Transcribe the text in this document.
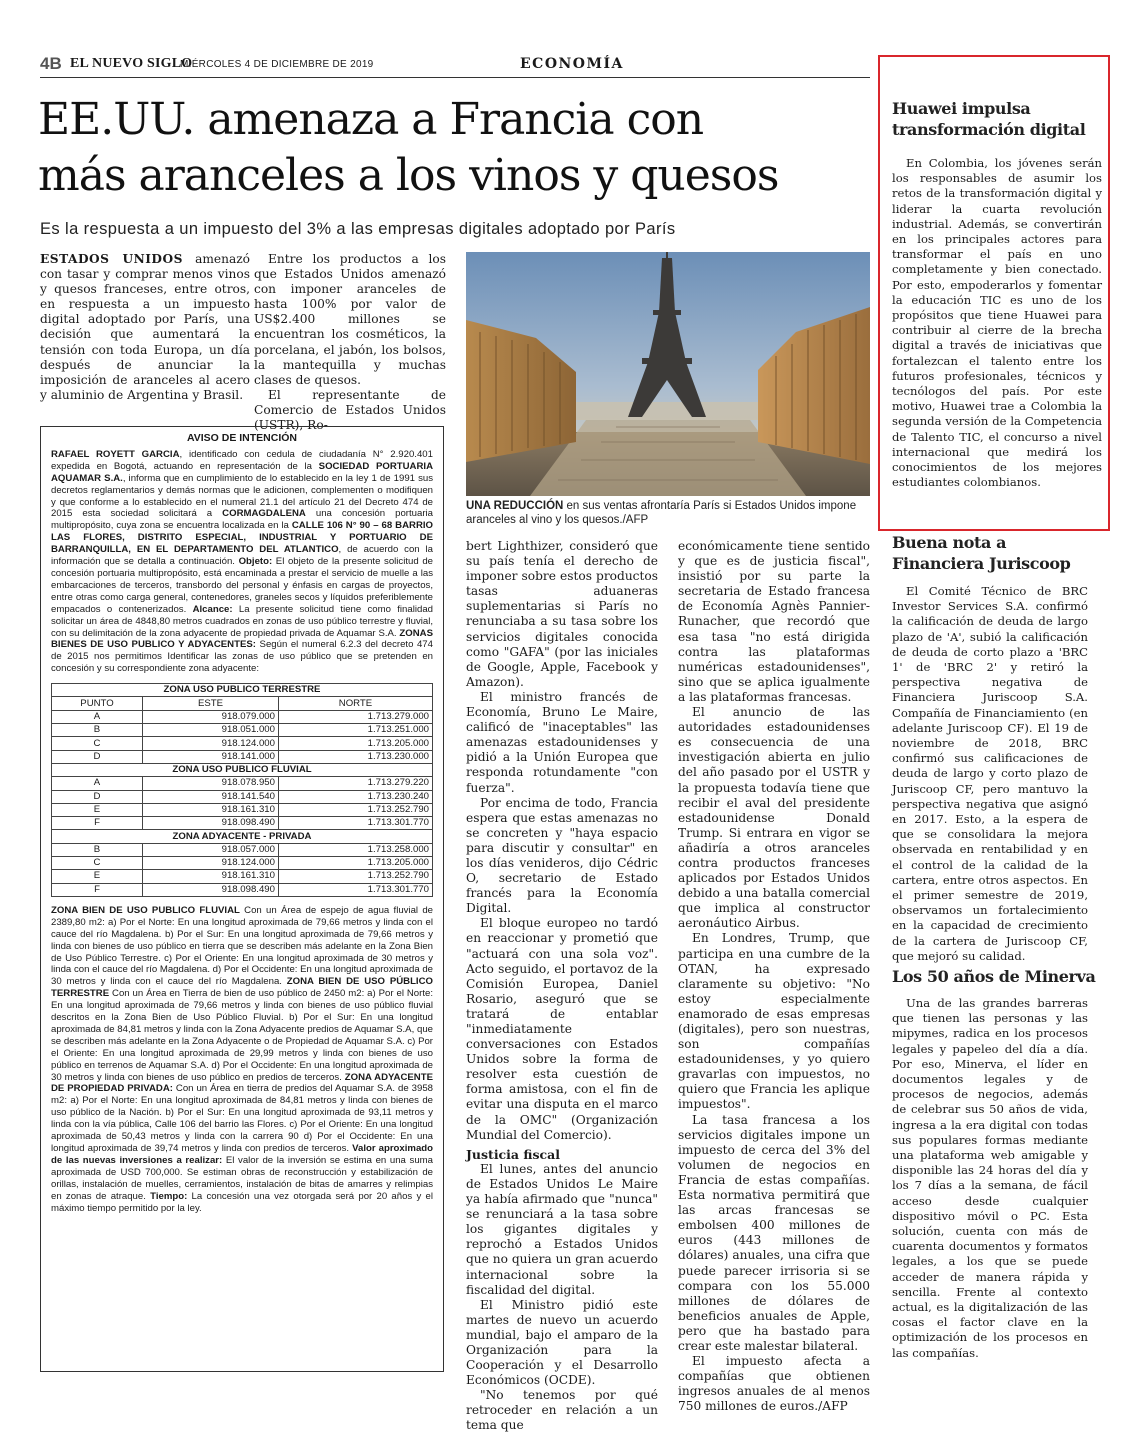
4B EL NUEVO SIGLO
MIÉRCOLES 4 DE DICIEMBRE DE 2019	ECONOMÍA
EE.UU. amenaza a Francia con
más aranceles a los vinos y quesos
Es la respuesta a un impuesto del 3% a las empresas digitales adoptado por París

ESTADOS UNIDOS amenazó con tasar y comprar menos vinos y quesos franceses, entre otros, en respuesta a un impuesto digital adoptado por París, una decisión que aumentará la tensión con toda Europa, un día después de anunciar la imposición de aranceles al acero y aluminio de Argentina y Brasil.

Entre los productos a los que Estados Unidos amenazó con imponer aranceles de hasta 100% por valor de US$2.400 millones se encuentran los cosméticos, la porcelana, el jabón, los bolsos, la mantequilla y muchas clases de quesos.

El representante de Comercio de Estados Unidos (USTR), Ro-

UNA REDUCCIÓN en sus ventas afrontaría París si Estados Unidos impone aranceles al vino y los quesos./AFP

bert Lighthizer, consideró que su país tenía el derecho de imponer sobre estos productos tasas aduaneras suplementarias si París no renunciaba a su tasa sobre los servicios digitales conocida como "GAFA" (por las iniciales de Google, Apple, Facebook y Amazon).

El ministro francés de Economía, Bruno Le Maire, calificó de "inaceptables" las amenazas estadounidenses y pidió a la Unión Europea que responda rotundamente "con fuerza".

Por encima de todo, Francia espera que estas amenazas no se concreten y "haya espacio para discutir y consultar" en los días venideros, dijo Cédric O, secretario de Estado francés para la Economía Digital.

El bloque europeo no tardó en reaccionar y prometió que "actuará con una sola voz". Acto seguido, el portavoz de la Comisión Europea, Daniel Rosario, aseguró que se tratará de entablar "inmediatamente conversaciones con Estados Unidos sobre la forma de resolver esta cuestión de forma amistosa, con el fin de evitar una disputa en el marco de la OMC" (Organización Mundial del Comercio).

Justicia fiscal

El lunes, antes del anuncio de Estados Unidos Le Maire ya había afirmado que "nunca" se renunciará a la tasa sobre los gigantes digitales y reprochó a Estados Unidos que no quiera un gran acuerdo internacional sobre la fiscalidad del digital.

El Ministro pidió este martes de nuevo un acuerdo mundial, bajo el amparo de la Organización para la Cooperación y el Desarrollo Económicos (OCDE).

"No tenemos por qué retroceder en relación a un tema que

económicamente tiene sentido y que es de justicia fiscal", insistió por su parte la secretaria de Estado francesa de Economía Agnès Pannier-Runacher, que recordó que esa tasa "no está dirigida contra las plataformas numéricas estadounidenses", sino que se aplica igualmente a las plataformas francesas.

El anuncio de las autoridades estadounidenses es consecuencia de una investigación abierta en julio del año pasado por el USTR y la propuesta todavía tiene que recibir el aval del presidente estadounidense Donald Trump. Si entrara en vigor se añadiría a otros aranceles contra productos franceses aplicados por Estados Unidos debido a una batalla comercial que implica al constructor aeronáutico Airbus.

En Londres, Trump, que participa en una cumbre de la OTAN, ha expresado claramente su objetivo: "No estoy especialmente enamorado de esas empresas (digitales), pero son nuestras, son compañías estadounidenses, y yo quiero gravarlas con impuestos, no quiero que Francia les aplique impuestos".

La tasa francesa a los servicios digitales impone un impuesto de cerca del 3% del volumen de negocios en Francia de estas compañías. Esta normativa permitirá que las arcas francesas se embolsen 400 millones de euros (443 millones de dólares) anuales, una cifra que puede parecer irrisoria si se compara con los 55.000 millones de dólares de beneficios anuales de Apple, pero que ha bastado para crear este malestar bilateral.

El impuesto afecta a compañías que obtienen ingresos anuales de al menos 750 millones de euros./AFP

AVISO DE INTENCIÓN
RAFAEL ROYETT GARCIA, identificado con cedula de ciudadanía N° 2.920.401 expedida en Bogotá, actuando en representación de la SOCIEDAD PORTUARIA AQUAMAR S.A., informa que en cumplimiento de lo establecido en la ley 1 de 1991 sus decretos reglamentarios y demás normas que le adicionen, complementen o modifiquen y que conforme a lo establecido en el numeral 21.1 del artículo 21 del Decreto 474 de 2015 esta sociedad solicitará a CORMAGDALENA una concesión portuaria multipropósito, cuya zona se encuentra localizada en la CALLE 106 N° 90 – 68 BARRIO LAS FLORES, DISTRITO ESPECIAL, INDUSTRIAL Y PORTUARIO DE BARRANQUILLA, EN EL DEPARTAMENTO DEL ATLANTICO, de acuerdo con la información que se detalla a continuación. Objeto: El objeto de la presente solicitud de concesión portuaria multipropósito, está encaminada a prestar el servicio de muelle a las embarcaciones de terceros, transbordo del personal y énfasis en cargas de proyectos, entre otras como carga general, contenedores, graneles secos y líquidos preferiblemente empacados o contenerizados. Alcance: La presente solicitud tiene como finalidad solicitar un área de 4848,80 metros cuadrados en zonas de uso público terrestre y fluvial, con su delimitación de la zona adyacente de propiedad privada de Aquamar S.A. ZONAS BIENES DE USO PUBLICO Y ADYACENTES: Según el numeral 6.2.3 del decreto 474 de 2015 nos permitimos Identificar las zonas de uso público que se pretenden en concesión y su correspondiente zona adyacente:
ZONA USO PUBLICO TERRESTRE		
PUNTO	ESTE	NORTE
A	918.079.000	1.713.279.000
B	918.051.000	1.713.251.000
C	918.124.000	1.713.205.000
D	918.141.000	1.713.230.000
ZONA USO PUBLICO FLUVIAL		
A	918.078.950	1.713.279.220
D	918.141.540	1.713.230.240
E	918.161.310	1.713.252.790
F	918.098.490	1.713.301.770
ZONA ADYACENTE - PRIVADA		
B	918.057.000	1.713.258.000
C	918.124.000	1.713.205.000
E	918.161.310	1.713.252.790
F	918.098.490	1.713.301.770
ZONA BIEN DE USO PUBLICO FLUVIAL Con un Área de espejo de agua fluvial de 2389,80 m2: a) Por el Norte: En una longitud aproximada de 79,66 metros y linda con el cauce del río Magdalena. b) Por el Sur: En una longitud aproximada de 79,66 metros y linda con bienes de uso público en tierra que se describen más adelante en la Zona Bien de Uso Público Terrestre. c) Por el Oriente: En una longitud aproximada de 30 metros y linda con el cauce del río Magdalena. d) Por el Occidente: En una longitud aproximada de 30 metros y linda con el cauce del río Magdalena. ZONA BIEN DE USO PÚBLICO TERRESTRE Con un Área en Tierra de bien de uso público de 2450 m2: a) Por el Norte: En una longitud aproximada de 79,66 metros y linda con bienes de uso público fluvial descritos en la Zona Bien de Uso Público Fluvial. b) Por el Sur: En una longitud aproximada de 84,81 metros y linda con la Zona Adyacente predios de Aquamar S.A, que se describen más adelante en la Zona Adyacente o de Propiedad de Aquamar S.A. c) Por el Oriente: En una longitud aproximada de 29,99 metros y linda con bienes de uso público en terrenos de Aquamar S.A. d) Por el Occidente: En una longitud aproximada de 30 metros y linda con bienes de uso público en predios de terceros. ZONA ADYACENTE DE PROPIEDAD PRIVADA: Con un Área en tierra de predios del Aquamar S.A. de 3958 m2: a) Por el Norte: En una longitud aproximada de 84,81 metros y linda con bienes de uso público de la Nación. b) Por el Sur: En una longitud aproximada de 93,11 metros y linda con la vía pública, Calle 106 del barrio las Flores. c) Por el Oriente: En una longitud aproximada de 50,43 metros y linda con la carrera 90 d) Por el Occidente: En una longitud aproximada de 39,74 metros y linda con predios de terceros. Valor aproximado de las nuevas inversiones a realizar: El valor de la inversión se estima en una suma aproximada de USD 700,000. Se estiman obras de reconstrucción y estabilización de orillas, instalación de muelles, cerramientos, instalación de bitas de amarres y relimpias en zonas de atraque. Tiempo: La concesión una vez otorgada será por 20 años y el máximo tiempo permitido por la ley.
Huawei impulsa transformación digital

En Colombia, los jóvenes serán los responsables de asumir los retos de la transformación digital y liderar la cuarta revolución industrial. Además, se convertirán en los principales actores para transformar el país en uno completamente y bien conectado. Por esto, empoderarlos y fomentar la educación TIC es uno de los propósitos que tiene Huawei para contribuir al cierre de la brecha digital a través de iniciativas que fortalezcan el talento entre los futuros profesionales, técnicos y tecnólogos del país. Por este motivo, Huawei trae a Colombia la segunda versión de la Competencia de Talento TIC, el concurso a nivel internacional que medirá los conocimientos de los mejores estudiantes colombianos.

Buena nota a Financiera Juriscoop

El Comité Técnico de BRC Investor Services S.A. confirmó la calificación de deuda de largo plazo de 'A', subió la calificación de deuda de corto plazo a 'BRC 1' de 'BRC 2' y retiró la perspectiva negativa de Financiera Juriscoop S.A. Compañía de Financiamiento (en adelante Juriscoop CF). El 19 de noviembre de 2018, BRC confirmó sus calificaciones de deuda de largo y corto plazo de Juriscoop CF, pero mantuvo la perspectiva negativa que asignó en 2017. Esto, a la espera de que se consolidara la mejora observada en rentabilidad y en el control de la calidad de la cartera, entre otros aspectos. En el primer semestre de 2019, observamos un fortalecimiento en la capacidad de crecimiento de la cartera de Juriscoop CF, que mejoró su calidad.

Los 50 años de Minerva

Una de las grandes barreras que tienen las personas y las mipymes, radica en los procesos legales y papeleo del día a día. Por eso, Minerva, el líder en documentos legales y de procesos de negocios, además de celebrar sus 50 años de vida, ingresa a la era digital con todas sus populares formas mediante una plataforma web amigable y disponible las 24 horas del día y los 7 días a la semana, de fácil acceso desde cualquier dispositivo móvil o PC. Esta solución, cuenta con más de cuarenta documentos y formatos legales, a los que se puede acceder de manera rápida y sencilla. Frente al contexto actual, es la digitalización de las cosas el factor clave en la optimización de los procesos en las compañías.
